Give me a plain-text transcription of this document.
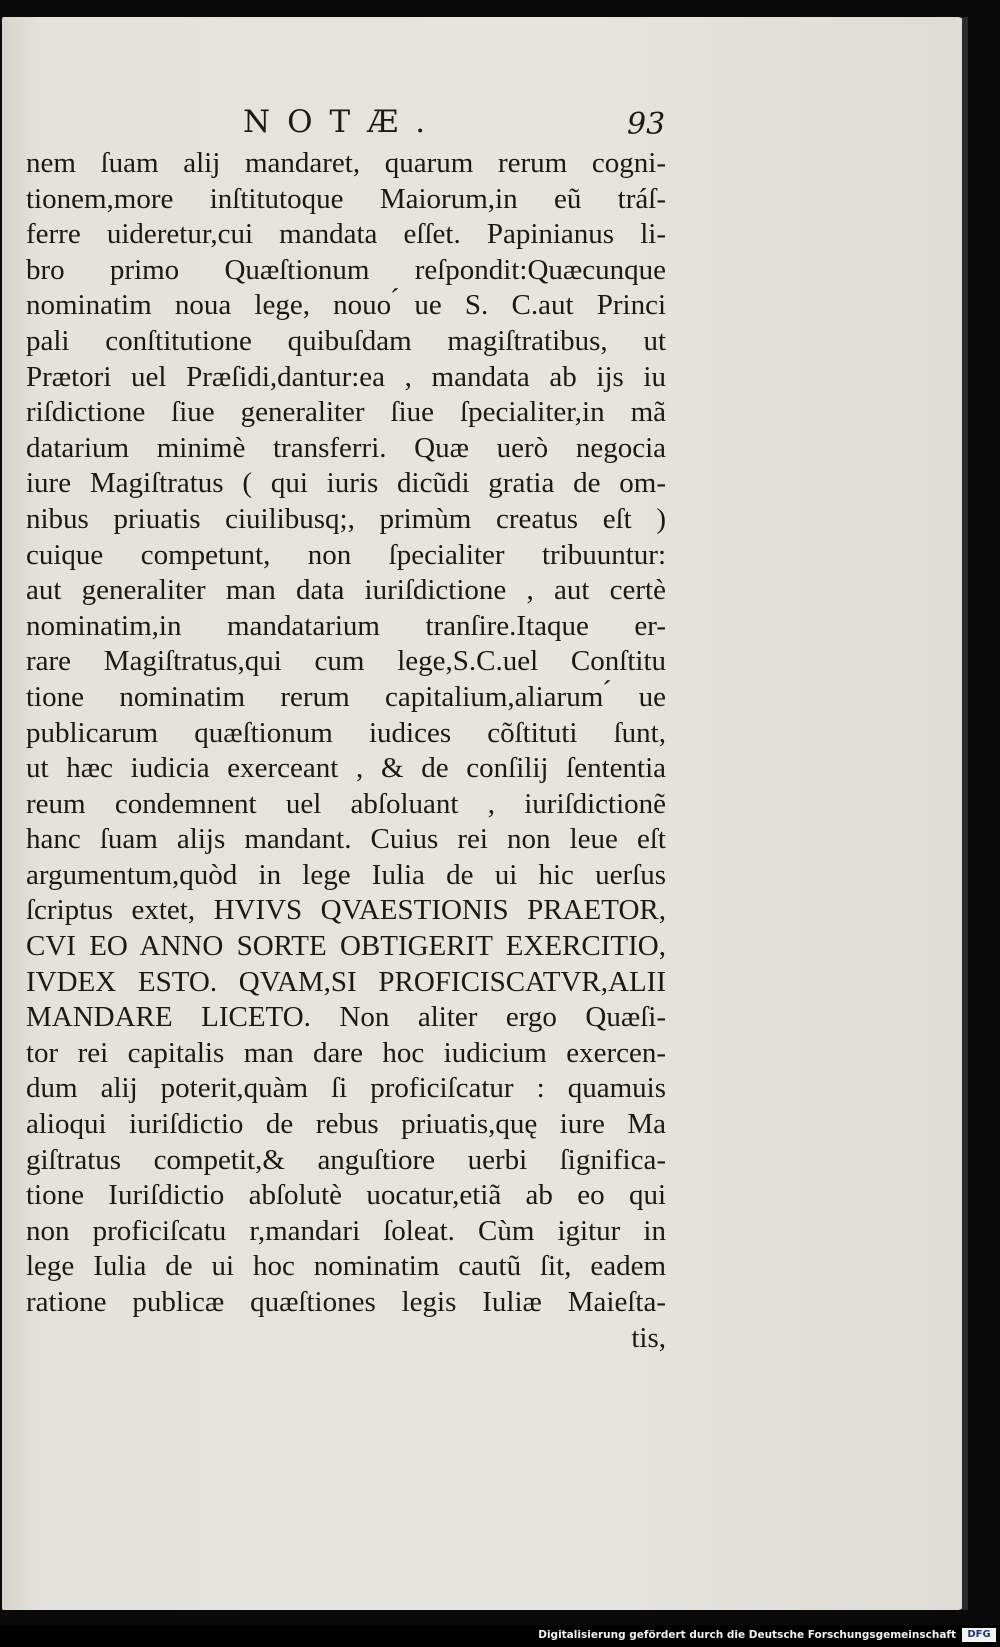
NOTÆ.	93
nem ſuam alij mandaret, quarum rerum cogni-
tionem,more inſtitutoque Maiorum,in eũ tráſ-
ferre uideretur,cui mandata eſſet. Papinianus li-
bro primo Quæſtionum reſpondit:Quæcunque
nominatim noua lege, nouo ́ue S. C.aut Princi
pali conſtitutione quibuſdam magiſtratibus, ut
Prætori uel Præſidi,dantur:ea , mandata ab ijs iu
riſdictione ſiue generaliter ſiue ſpecialiter,in mã
datarium minimè transferri. Quæ uerò negocia
iure Magiſtratus ( qui iuris dicũdi gratia de om-
nibus priuatis ciuilibusq;, primùm creatus eſt )
cuique competunt, non ſpecialiter tribuuntur:
aut generaliter man data iuriſdictione , aut certè
nominatim,in mandatarium tranſire.Itaque er-
rare Magiſtratus,qui cum lege,S.C.uel Conſtitu
tione nominatim rerum capitalium,aliarum ́ue
publicarum quæſtionum iudices cõſtituti ſunt,
ut hæc iudicia exerceant , & de conſilij ſententia
reum condemnent uel abſoluant , iuriſdictionẽ
hanc ſuam alijs mandant. Cuius rei non leue eſt
argumentum,quòd in lege Iulia de ui hic uerſus
ſcriptus extet, HVIVS QVAESTIONIS PRAETOR,
CVI EO ANNO SORTE OBTIGERIT EXERCITIO,
IVDEX ESTO. QVAM,SI PROFICISCATVR,ALII
MANDARE LICETO. Non aliter ergo Quæſi-
tor rei capitalis man dare hoc iudicium exercen-
dum alij poterit,quàm ſi proficiſcatur : quamuis
alioqui iuriſdictio de rebus priuatis,quę iure Ma
giſtratus competit,& anguſtiore uerbi ſignifica-
tione Iuriſdictio abſolutè uocatur,etiã ab eo qui
non proficiſcatu r,mandari ſoleat. Cùm igitur in
lege Iulia de ui hoc nominatim cautũ ſit, eadem
ratione publicæ quæſtiones legis Iuliæ Maieſta-
tis,
Digitalisierung gefördert durch die Deutsche Forschungsgemeinschaft	DFG
